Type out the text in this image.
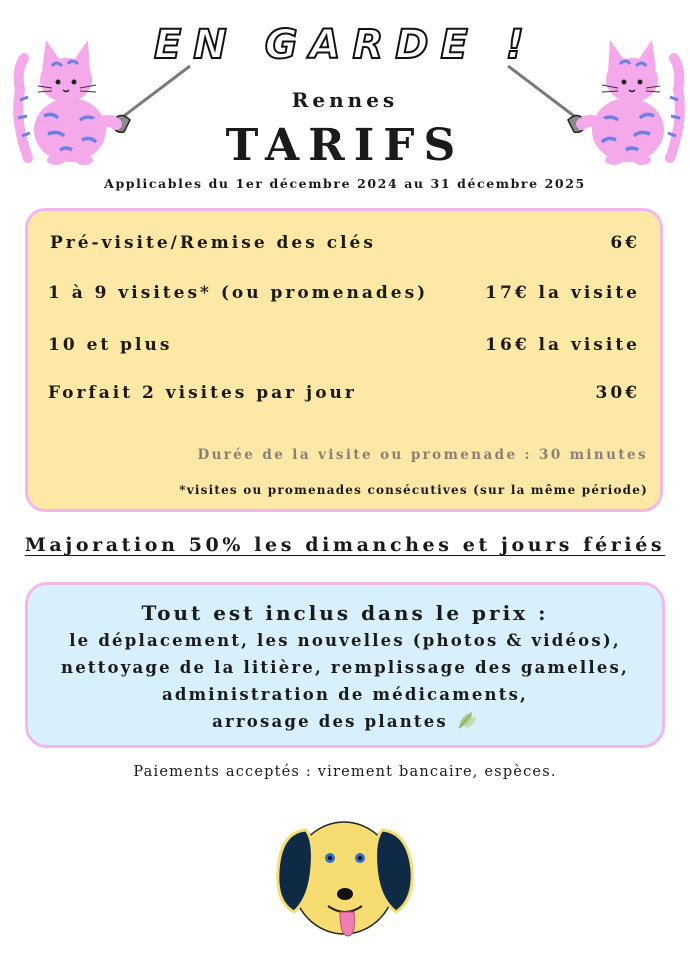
EN GARDE !
Rennes
TARIFS
Applicables du 1er décembre 2024 au 31 décembre 2025
Pré-visite/Remise des clés	6€
1 à 9 visites* (ou promenades)	17€ la visite
10 et plus	16€ la visite
Forfait 2 visites par jour	30€
Durée de la visite ou promenade : 30 minutes
*visites ou promenades consécutives (sur la même période)
Majoration 50% les dimanches et jours fériés
Tout est inclus dans le prix :
le déplacement, les nouvelles (photos & vidéos),
nettoyage de la litière, remplissage des gamelles,
administration de médicaments,
arrosage des plantes
Paiements acceptés : virement bancaire, espèces.
